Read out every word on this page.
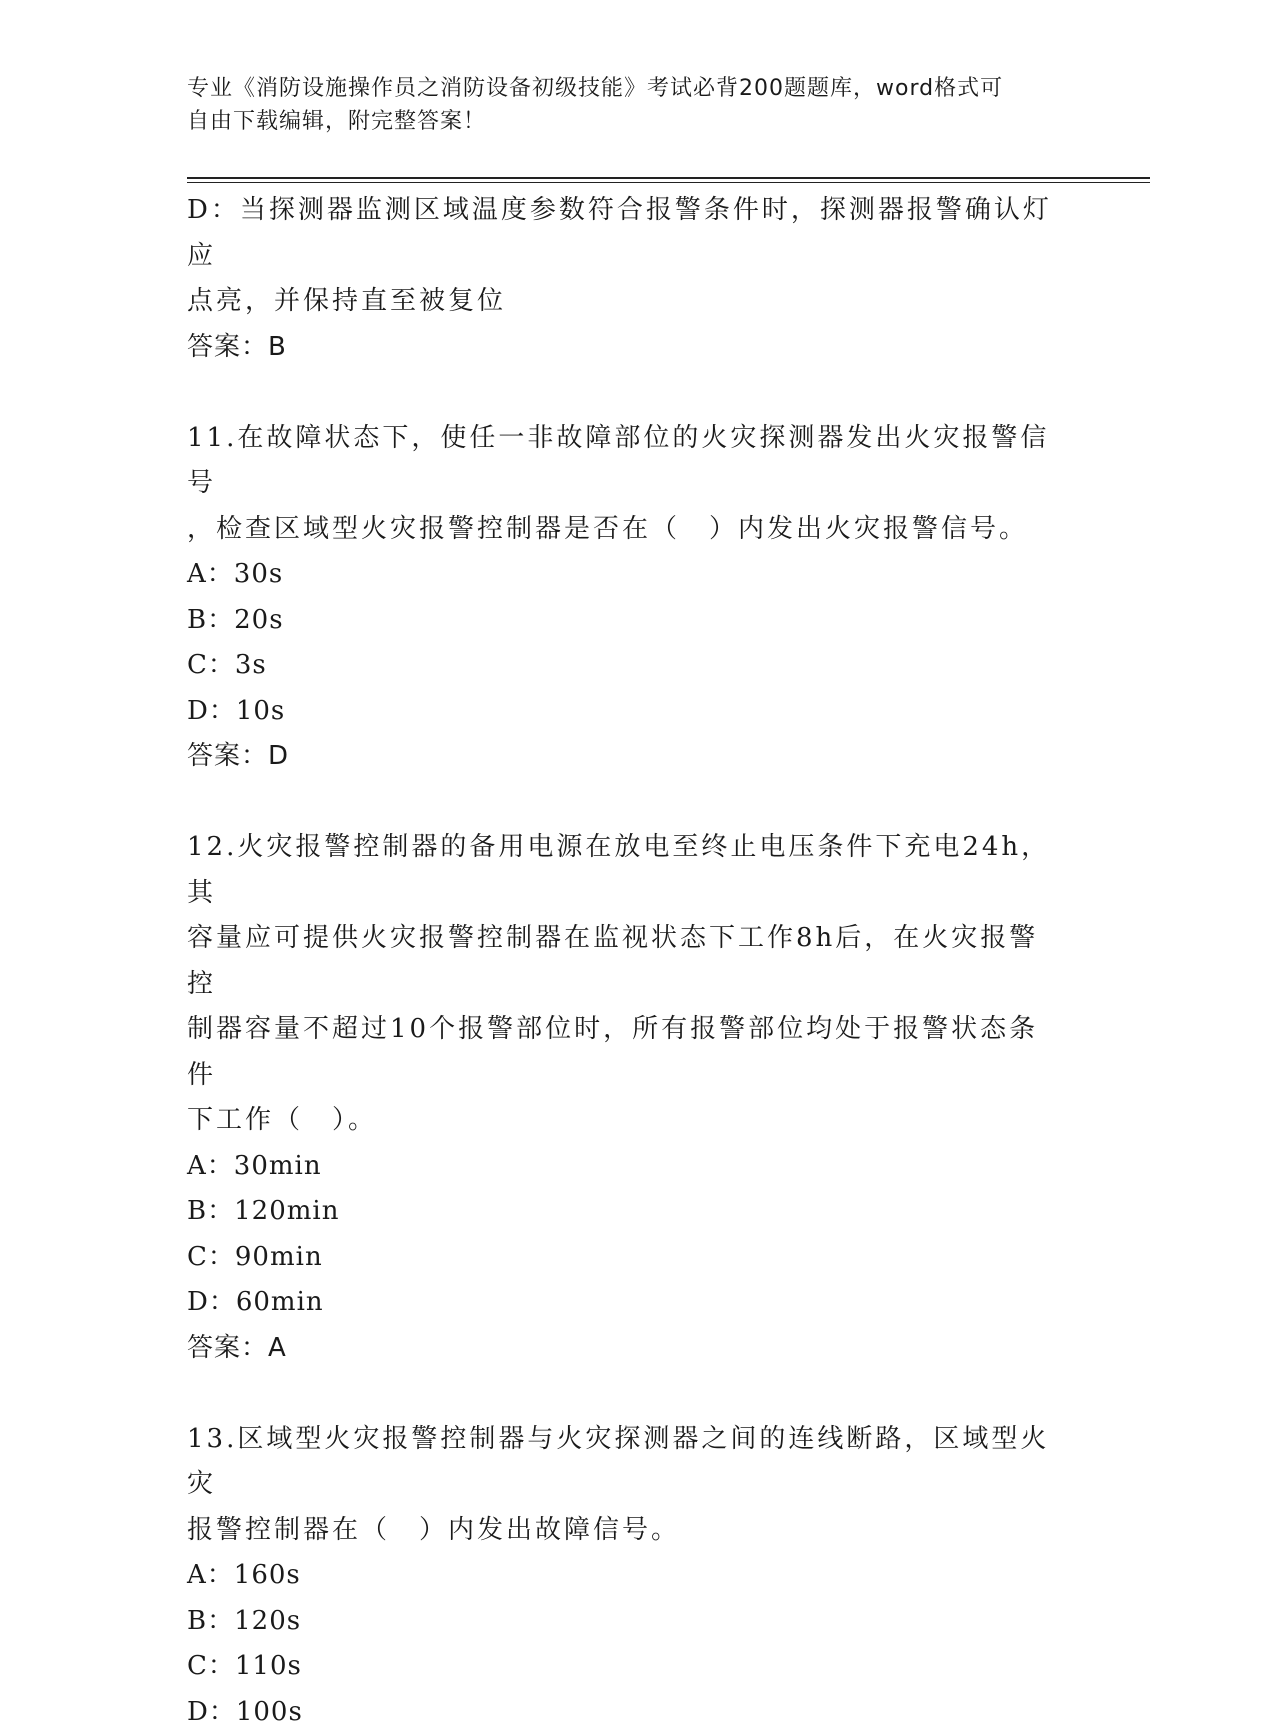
专业《消防设施操作员之消防设备初级技能》考试必背200题题库，word格式可
自由下载编辑，附完整答案！

D：当探测器监测区域温度参数符合报警条件时，探测器报警确认灯应

点亮，并保持直至被复位

答案：B

11.在故障状态下，使任一非故障部位的火灾探测器发出火灾报警信号

，检查区域型火灾报警控制器是否在（　）内发出火灾报警信号。

A：30s

B：20s

C：3s

D：10s

答案：D

12.火灾报警控制器的备用电源在放电至终止电压条件下充电24h，其

容量应可提供火灾报警控制器在监视状态下工作8h后，在火灾报警控

制器容量不超过10个报警部位时，所有报警部位均处于报警状态条件

下工作（　）。

A：30min

B：120min

C：90min

D：60min

答案：A

13.区域型火灾报警控制器与火灾探测器之间的连线断路，区域型火灾

报警控制器在（　）内发出故障信号。

A：160s

B：120s

C：110s

D：100s
